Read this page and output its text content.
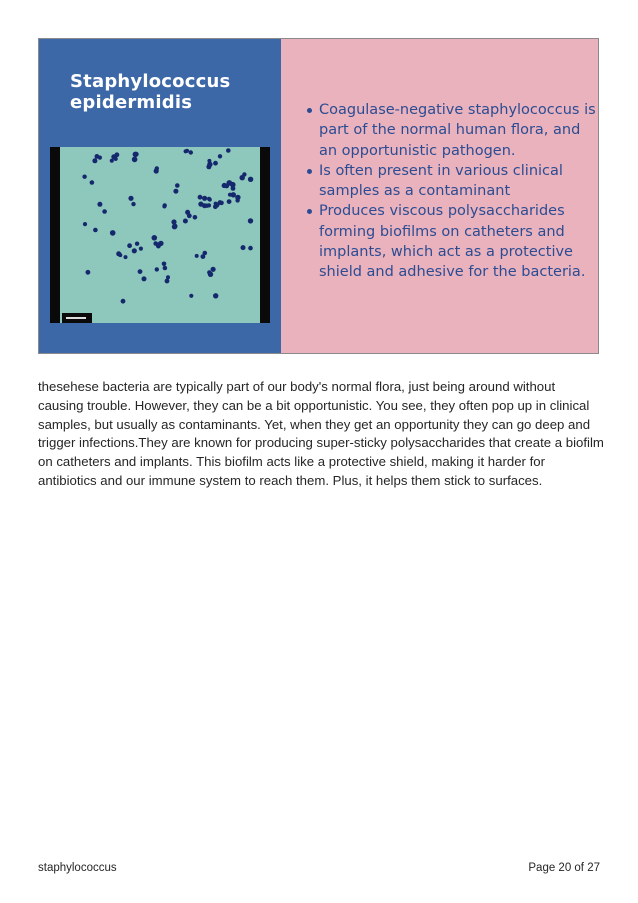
Staphylococcus
epidermidis	Coagulase-negative staphylococcus is part of the normal human flora, and an opportunistic pathogen.
Is often present in various clinical samples as a contaminant
Produces viscous polysaccharides forming biofilms on catheters and implants, which act as a protective shield and adhesive for the bacteria.

thesehese bacteria are typically part of our body's normal flora, just being around without causing trouble. However, they can be a bit opportunistic. You see, they often pop up in clinical samples, but usually as contaminants. Yet, when they get an opportunity they can go deep and trigger infections.They are known for producing super-sticky polysaccharides that create a biofilm on catheters and implants. This biofilm acts like a protective shield, making it harder for antibiotics and our immune system to reach them. Plus, it helps them stick to surfaces.

staphylococcus	Page 20 of 27
